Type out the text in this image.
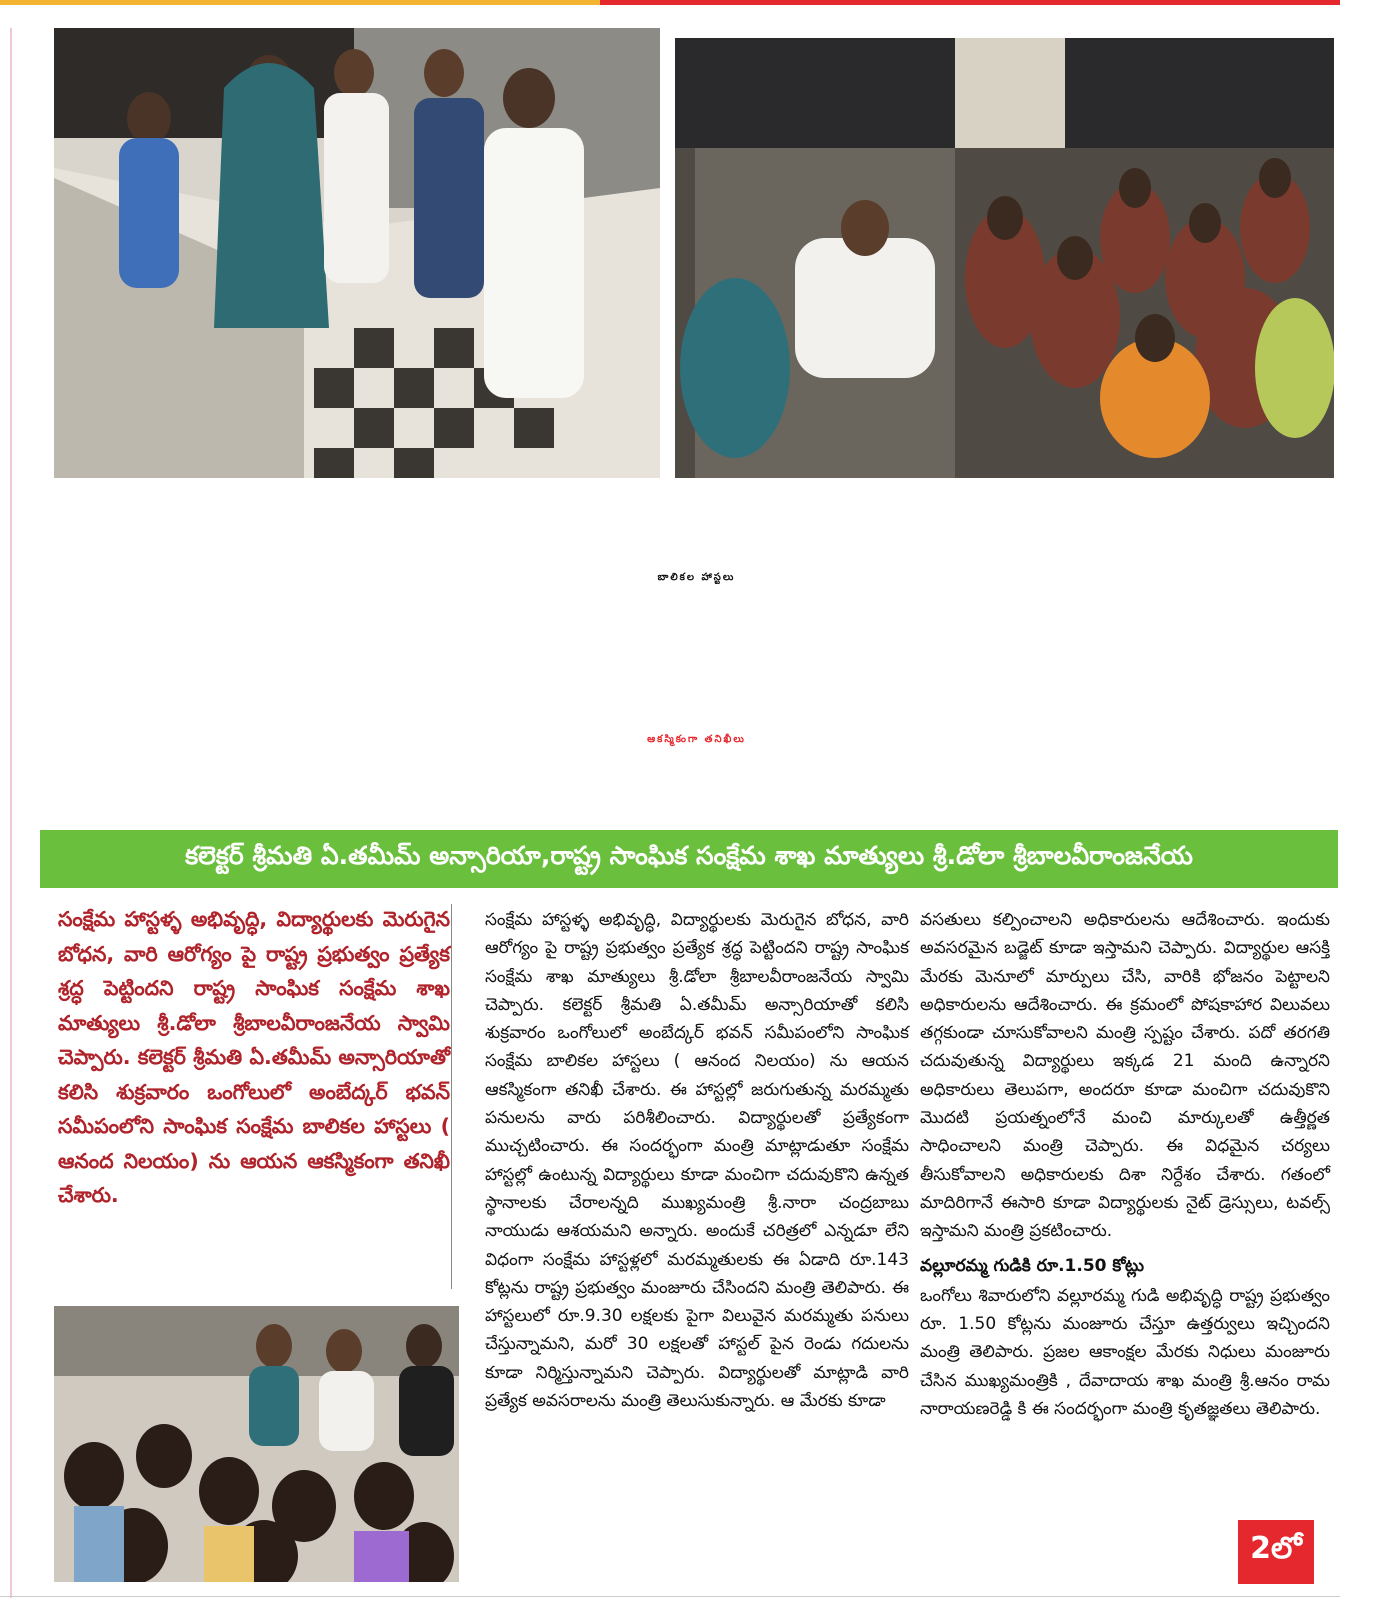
బాలికల హాస్టలు
ఆకస్మికంగా తనిఖీలు
కలెక్టర్ శ్రీమతి ఏ.తమీమ్ అన్సారియా,రాష్ట్ర సాంఘిక సంక్షేమ శాఖ మాత్యులు శ్రీ.డోలా శ్రీబాలవీరాంజనేయ

సంక్షేమ హాస్టళ్ళ అభివృద్ధి, విద్యార్థులకు మెరుగైన బోధన, వారి ఆరోగ్యం పై రాష్ట్ర ప్రభుత్వం ప్రత్యేక శ్రద్ధ పెట్టిందని రాష్ట్ర సాంఘిక సంక్షేమ శాఖ మాత్యులు శ్రీ.డోలా శ్రీబాలవీరాంజనేయ స్వామి చెప్పారు. కలెక్టర్ శ్రీమతి ఏ.తమీమ్ అన్సారియాతో కలిసి శుక్రవారం ఒంగోలులో అంబేద్కర్ భవన్ సమీపంలోని సాంఘిక సంక్షేమ బాలికల హాస్టలు ( ఆనంద నిలయం) ను ఆయన ఆకస్మికంగా తనిఖీ చేశారు.

సంక్షేమ హాస్టళ్ళ అభివృద్ధి, విద్యార్థులకు మెరుగైన బోధన, వారి ఆరోగ్యం పై రాష్ట్ర ప్రభుత్వం ప్రత్యేక శ్రద్ధ పెట్టిందని రాష్ట్ర సాంఘిక సంక్షేమ శాఖ మాత్యులు శ్రీ.డోలా శ్రీబాలవీరాంజనేయ స్వామి చెప్పారు. కలెక్టర్ శ్రీమతి ఏ.తమీమ్ అన్సారియాతో కలిసి శుక్రవారం ఒంగోలులో అంబేద్కర్ భవన్ సమీపంలోని సాంఘిక సంక్షేమ బాలికల హాస్టలు ( ఆనంద నిలయం) ను ఆయన ఆకస్మికంగా తనిఖీ చేశారు. ఈ హాస్టల్లో జరుగుతున్న మరమ్మతు పనులను వారు పరిశీలించారు. విద్యార్థులతో ప్రత్యేకంగా ముచ్చటించారు. ఈ సందర్భంగా మంత్రి మాట్లాడుతూ సంక్షేమ హాస్టల్లో ఉంటున్న విద్యార్థులు కూడా మంచిగా చదువుకొని ఉన్నత స్థానాలకు చేరాలన్నది ముఖ్యమంత్రి శ్రీ.నారా చంద్రబాబు నాయుడు ఆశయమని అన్నారు. అందుకే చరిత్రలో ఎన్నడూ లేని విధంగా సంక్షేమ హాస్టళ్లలో మరమ్మతులకు ఈ ఏడాది రూ.143 కోట్లను రాష్ట్ర ప్రభుత్వం మంజూరు చేసిందని మంత్రి తెలిపారు. ఈ హాస్టలులో రూ.9.30 లక్షలకు పైగా విలువైన మరమ్మతు పనులు చేస్తున్నామని, మరో 30 లక్షలతో హాస్టల్ పైన రెండు గదులను కూడా నిర్మిస్తున్నామని చెప్పారు. విద్యార్థులతో మాట్లాడి వారి ప్రత్యేక అవసరాలను మంత్రి తెలుసుకున్నారు. ఆ మేరకు కూడా

వసతులు కల్పించాలని అధికారులను ఆదేశించారు. ఇందుకు అవసరమైన బడ్జెట్ కూడా ఇస్తామని చెప్పారు. విద్యార్థుల ఆసక్తి మేరకు మెనూలో మార్పులు చేసి, వారికి భోజనం పెట్టాలని అధికారులను ఆదేశించారు. ఈ క్రమంలో పోషకాహార విలువలు తగ్గకుండా చూసుకోవాలని మంత్రి స్పష్టం చేశారు. పదో తరగతి చదువుతున్న విద్యార్థులు ఇక్కడ 21 మంది ఉన్నారని అధికారులు తెలుపగా, అందరూ కూడా మంచిగా చదువుకొని మొదటి ప్రయత్నంలోనే మంచి మార్కులతో ఉత్తీర్ణత సాధించాలని మంత్రి చెప్పారు. ఈ విధమైన చర్యలు తీసుకోవాలని అధికారులకు దిశా నిర్దేశం చేశారు. గతంలో మాదిరిగానే ఈసారి కూడా విద్యార్థులకు నైట్ డ్రెస్సులు, టవల్స్ ఇస్తామని మంత్రి ప్రకటించారు.

వల్లూరమ్మ గుడికి రూ.1.50 కోట్లు

ఒంగోలు శివారులోని వల్లూరమ్మ గుడి అభివృద్ధి రాష్ట్ర ప్రభుత్వం రూ. 1.50 కోట్లను మంజూరు చేస్తూ ఉత్తర్వులు ఇచ్చిందని మంత్రి తెలిపారు. ప్రజల ఆకాంక్షల మేరకు నిధులు మంజూరు చేసిన ముఖ్యమంత్రికి , దేవాదాయ శాఖ మంత్రి శ్రీ.ఆనం రామ నారాయణరెడ్డి కి ఈ సందర్భంగా మంత్రి కృతజ్ఞతలు తెలిపారు.

2లో
